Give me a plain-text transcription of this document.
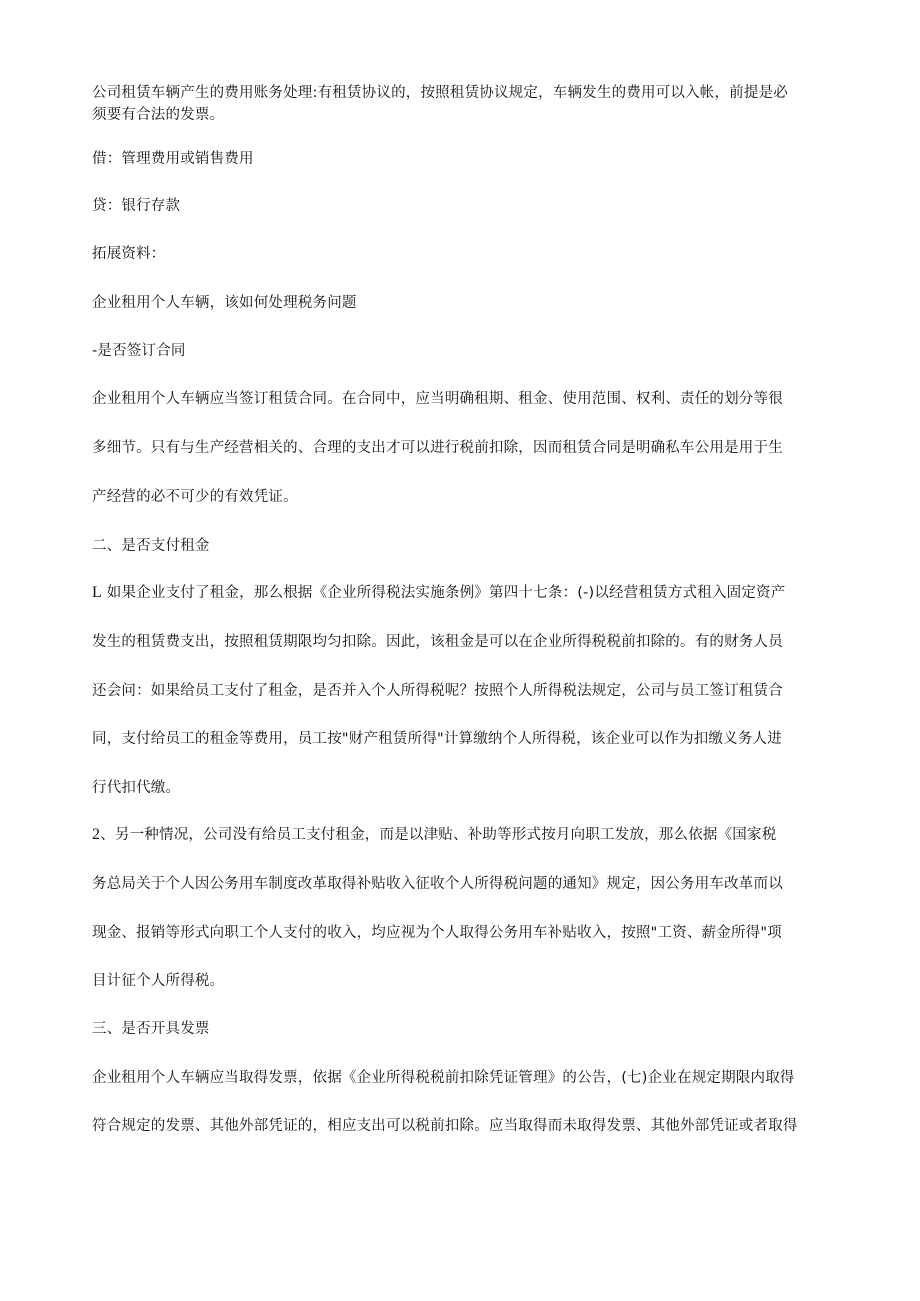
公司租赁车辆产生的费用账务处理:有租赁协议的，按照租赁协议规定，车辆发生的费用可以入帐，前提是必
须要有合法的发票。
借：管理费用或销售费用
贷：银行存款
拓展资料：
企业租用个人车辆，该如何处理税务问题
-是否签订合同
企业租用个人车辆应当签订租赁合同。在合同中，应当明确租期、租金、使用范围、权利、责任的划分等很
多细节。只有与生产经营相关的、合理的支出才可以进行税前扣除，因而租赁合同是明确私车公用是用于生
产经营的必不可少的有效凭证。
二、是否支付租金
L 如果企业支付了租金，那么根据《企业所得税法实施条例》第四十七条：(-)以经营租赁方式租入固定资产
发生的租赁费支出，按照租赁期限均匀扣除。因此，该租金是可以在企业所得税税前扣除的。有的财务人员
还会问：如果给员工支付了租金，是否并入个人所得税呢？按照个人所得税法规定，公司与员工签订租赁合
同，支付给员工的租金等费用，员工按"财产租赁所得"计算缴纳个人所得税，该企业可以作为扣缴义务人进
行代扣代缴。
2、另一种情况，公司没有给员工支付租金，而是以津贴、补助等形式按月向职工发放，那么依据《国家税
务总局关于个人因公务用车制度改革取得补贴收入征收个人所得税问题的通知》规定，因公务用车改革而以
现金、报销等形式向职工个人支付的收入，均应视为个人取得公务用车补贴收入，按照"工资、薪金所得"项
目计征个人所得税。
三、是否开具发票
企业租用个人车辆应当取得发票，依据《企业所得税税前扣除凭证管理》的公告，(七)企业在规定期限内取得
符合规定的发票、其他外部凭证的，相应支出可以税前扣除。应当取得而未取得发票、其他外部凭证或者取得
